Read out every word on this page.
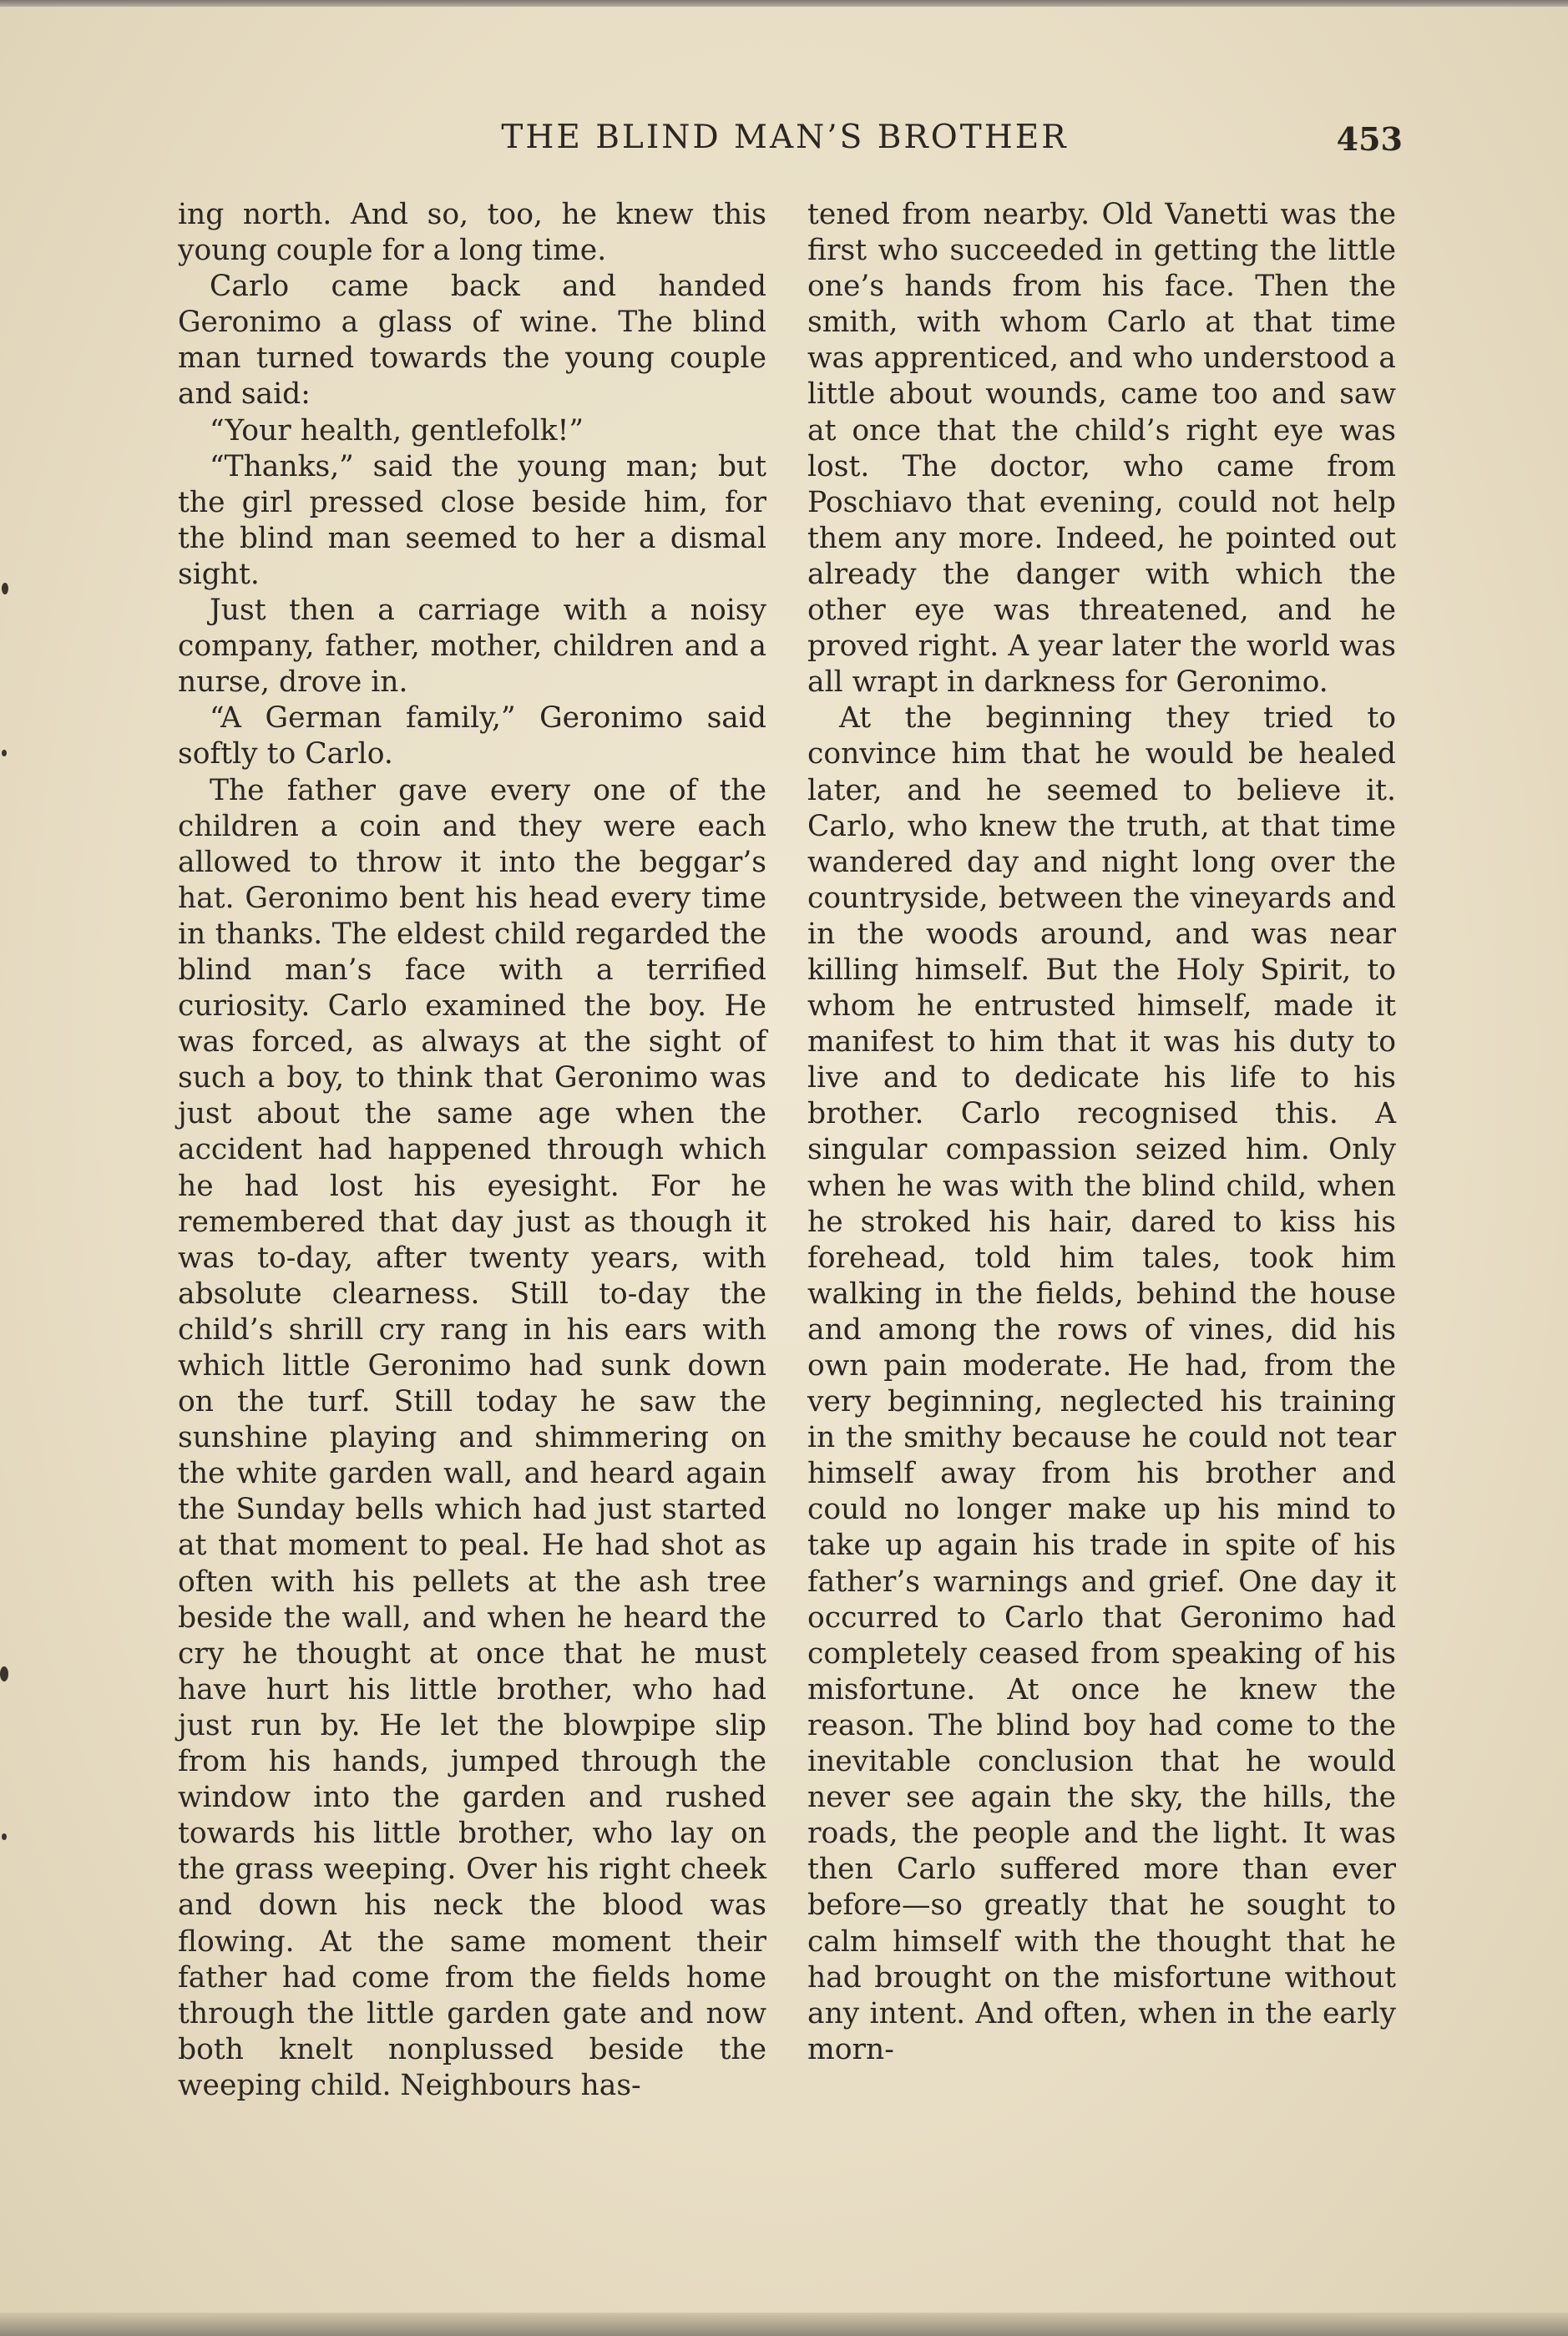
THE BLIND MAN’S BROTHER	453

ing north. And so, too, he knew this young couple for a long time.

Carlo came back and handed Geronimo a glass of wine. The blind man turned towards the young couple and said:

“Your health, gentlefolk!”

“Thanks,” said the young man; but the girl pressed close beside him, for the blind man seemed to her a dismal sight.

Just then a carriage with a noisy company, father, mother, children and a nurse, drove in.

“A German family,” Geronimo said softly to Carlo.

The father gave every one of the children a coin and they were each allowed to throw it into the beggar’s hat. Geronimo bent his head every time in thanks. The eldest child regarded the blind man’s face with a terrified curiosity. Carlo examined the boy. He was forced, as always at the sight of such a boy, to think that Geronimo was just about the same age when the accident had happened through which he had lost his eyesight. For he remembered that day just as though it was to-day, after twenty years, with absolute clearness. Still to-day the child’s shrill cry rang in his ears with which little Geronimo had sunk down on the turf. Still today he saw the sunshine playing and shimmering on the white garden wall, and heard again the Sunday bells which had just started at that moment to peal. He had shot as often with his pellets at the ash tree beside the wall, and when he heard the cry he thought at once that he must have hurt his little brother, who had just run by. He let the blowpipe slip from his hands, jumped through the window into the garden and rushed towards his little brother, who lay on the grass weeping. Over his right cheek and down his neck the blood was flowing. At the same moment their father had come from the fields home through the little garden gate and now both knelt nonplussed beside the weeping child. Neighbours has-

tened from nearby. Old Vanetti was the first who succeeded in getting the little one’s hands from his face. Then the smith, with whom Carlo at that time was apprenticed, and who understood a little about wounds, came too and saw at once that the child’s right eye was lost. The doctor, who came from Poschiavo that evening, could not help them any more. Indeed, he pointed out already the danger with which the other eye was threatened, and he proved right. A year later the world was all wrapt in darkness for Geronimo.

At the beginning they tried to convince him that he would be healed later, and he seemed to believe it. Carlo, who knew the truth, at that time wandered day and night long over the countryside, between the vineyards and in the woods around, and was near killing himself. But the Holy Spirit, to whom he entrusted himself, made it manifest to him that it was his duty to live and to dedicate his life to his brother. Carlo recognised this. A singular compassion seized him. Only when he was with the blind child, when he stroked his hair, dared to kiss his forehead, told him tales, took him walking in the fields, behind the house and among the rows of vines, did his own pain moderate. He had, from the very beginning, neglected his training in the smithy because he could not tear himself away from his brother and could no longer make up his mind to take up again his trade in spite of his father’s warnings and grief. One day it occurred to Carlo that Geronimo had completely ceased from speaking of his misfortune. At once he knew the reason. The blind boy had come to the inevitable conclusion that he would never see again the sky, the hills, the roads, the people and the light. It was then Carlo suffered more than ever before—so greatly that he sought to calm himself with the thought that he had brought on the misfortune without any intent. And often, when in the early morn-
